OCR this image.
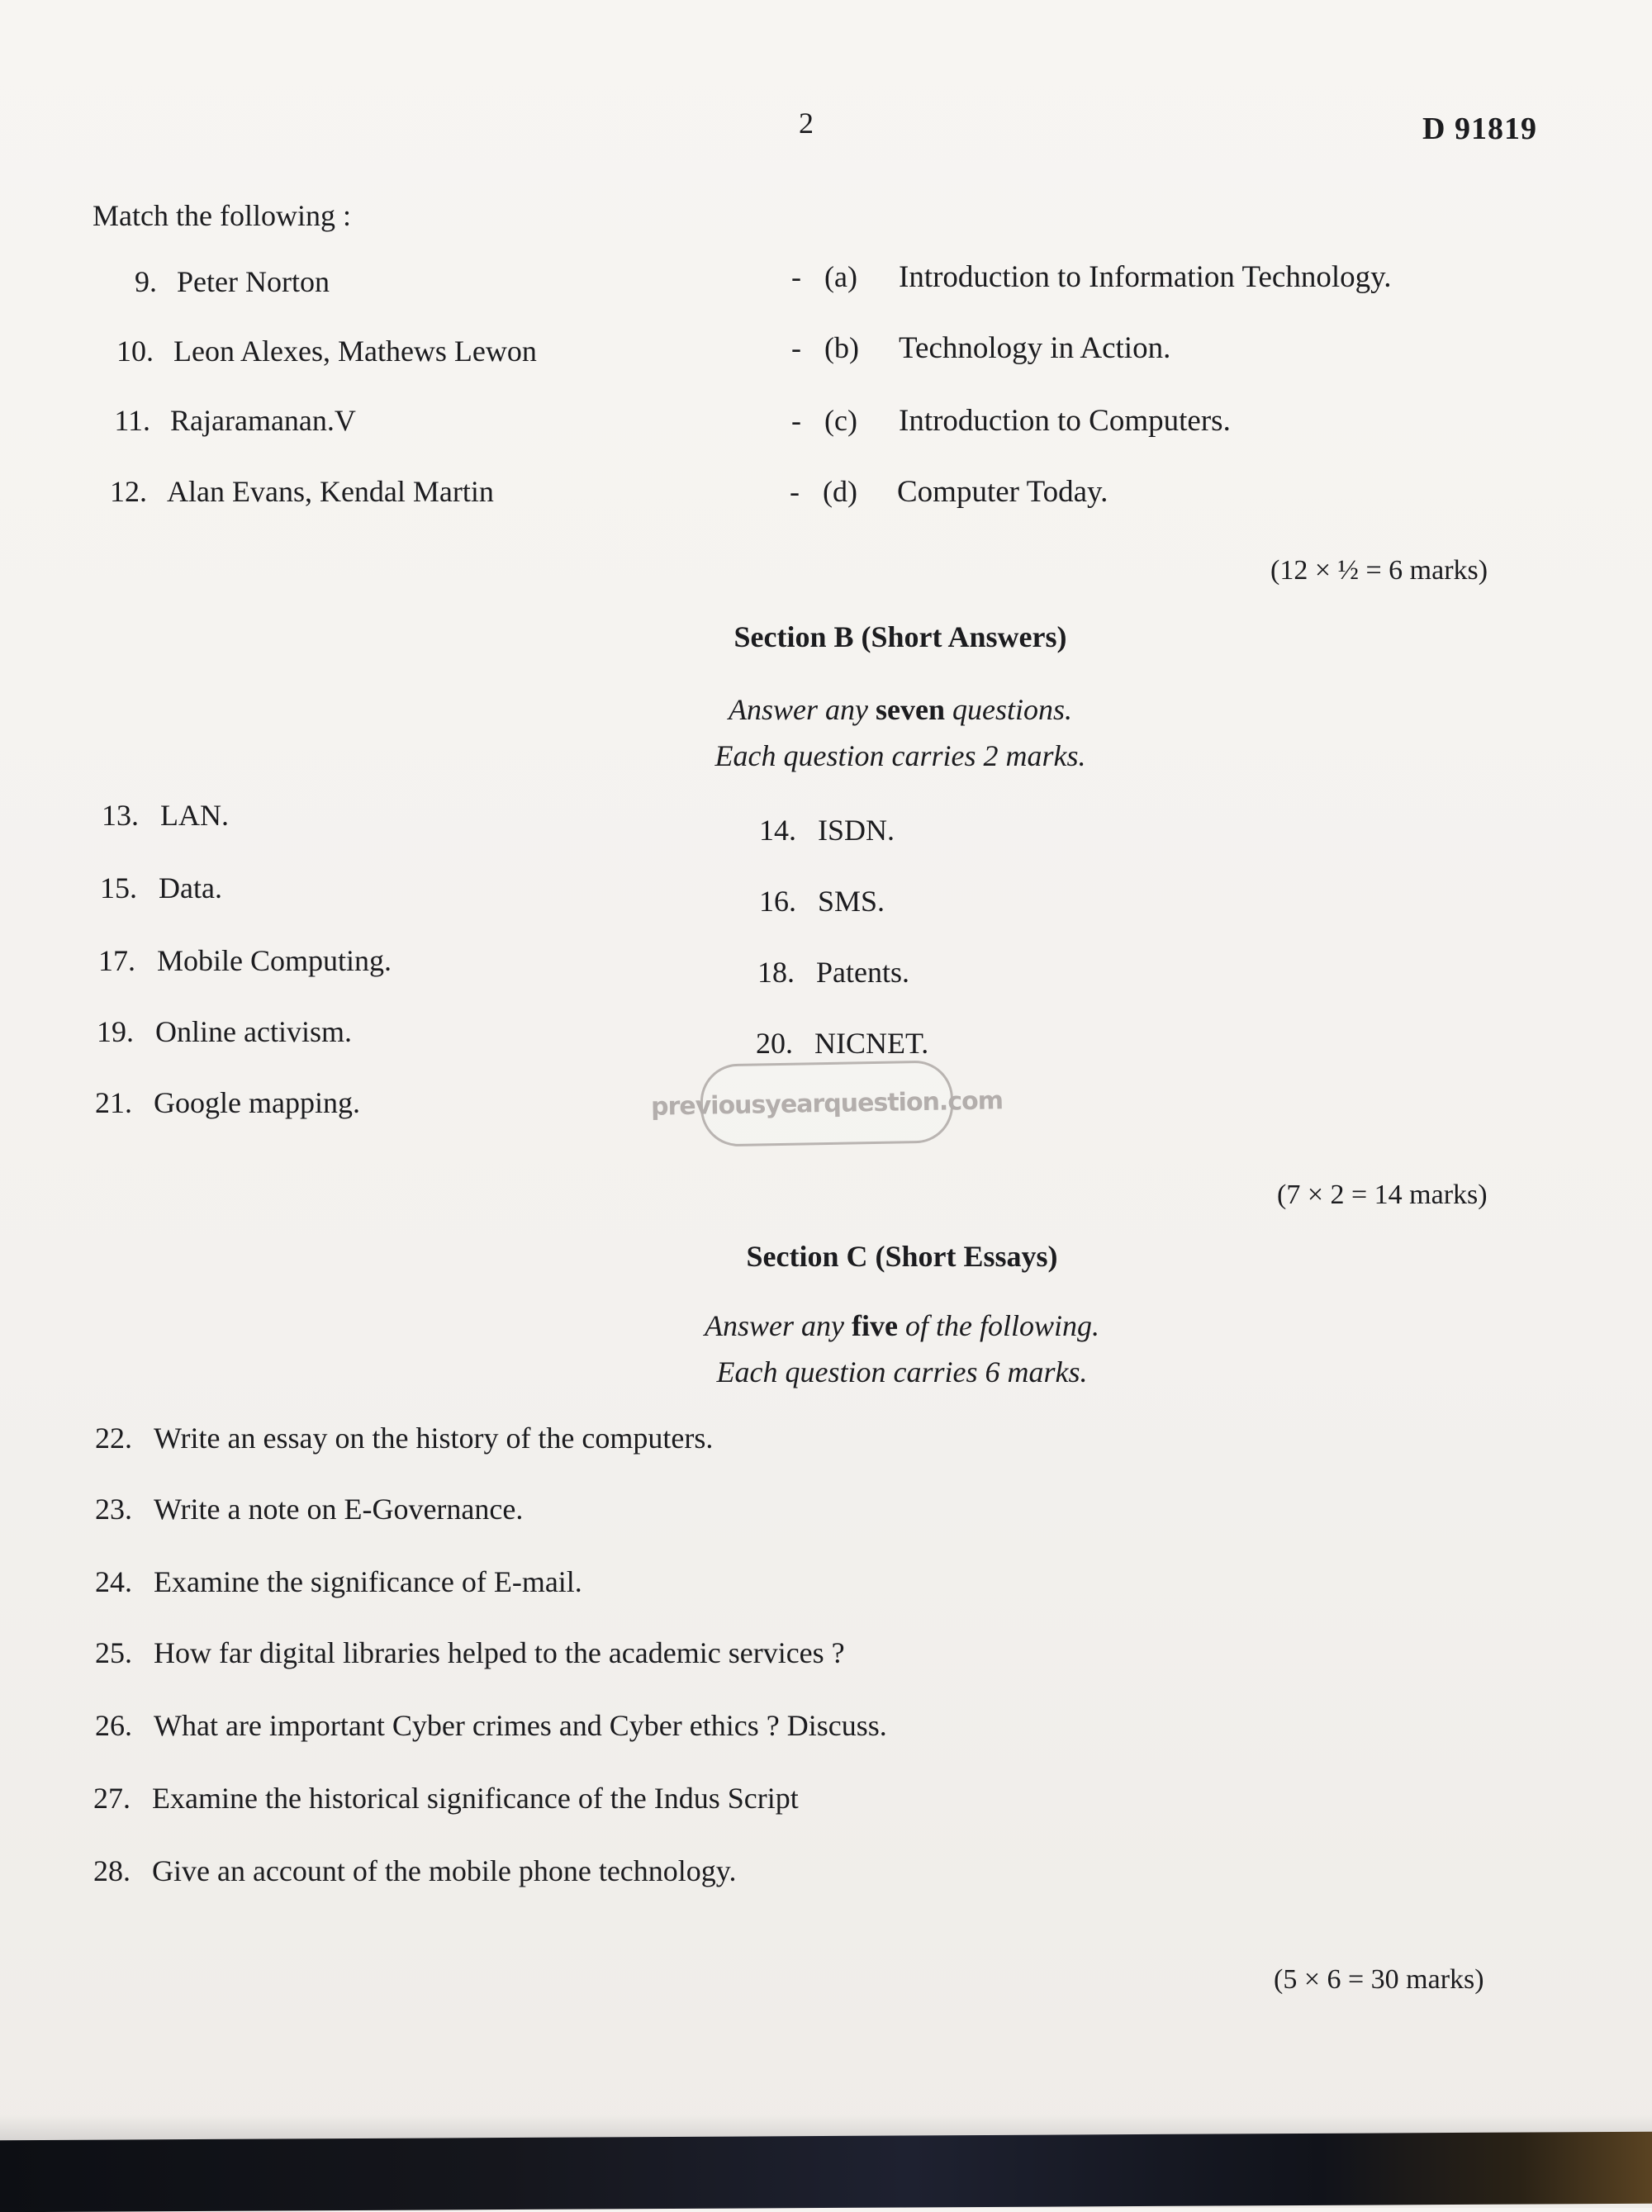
2	D 91819
Match the following :
9. Peter Norton	- (a) Introduction to Information Technology.
10. Leon Alexes, Mathews Lewon	- (b) Technology in Action.
11. Rajaramanan.V	- (c) Introduction to Computers.
12. Alan Evans, Kendal Martin	- (d) Computer Today.
(12 × ½ = 6 marks)
Section B (Short Answers)
Answer any seven questions.
Each question carries 2 marks.
13. LAN.	14. ISDN.
15. Data.	16. SMS.
17. Mobile Computing.	18. Patents.
19. Online activism.	20. NICNET.
21. Google mapping.	previousyearquestion.com
(7 × 2 = 14 marks)
Section C (Short Essays)
Answer any five of the following.
Each question carries 6 marks.
22. Write an essay on the history of the computers.
23. Write a note on E-Governance.
24. Examine the significance of E-mail.
25. How far digital libraries helped to the academic services ?
26. What are important Cyber crimes and Cyber ethics ? Discuss.
27. Examine the historical significance of the Indus Script
28. Give an account of the mobile phone technology.
(5 × 6 = 30 marks)
